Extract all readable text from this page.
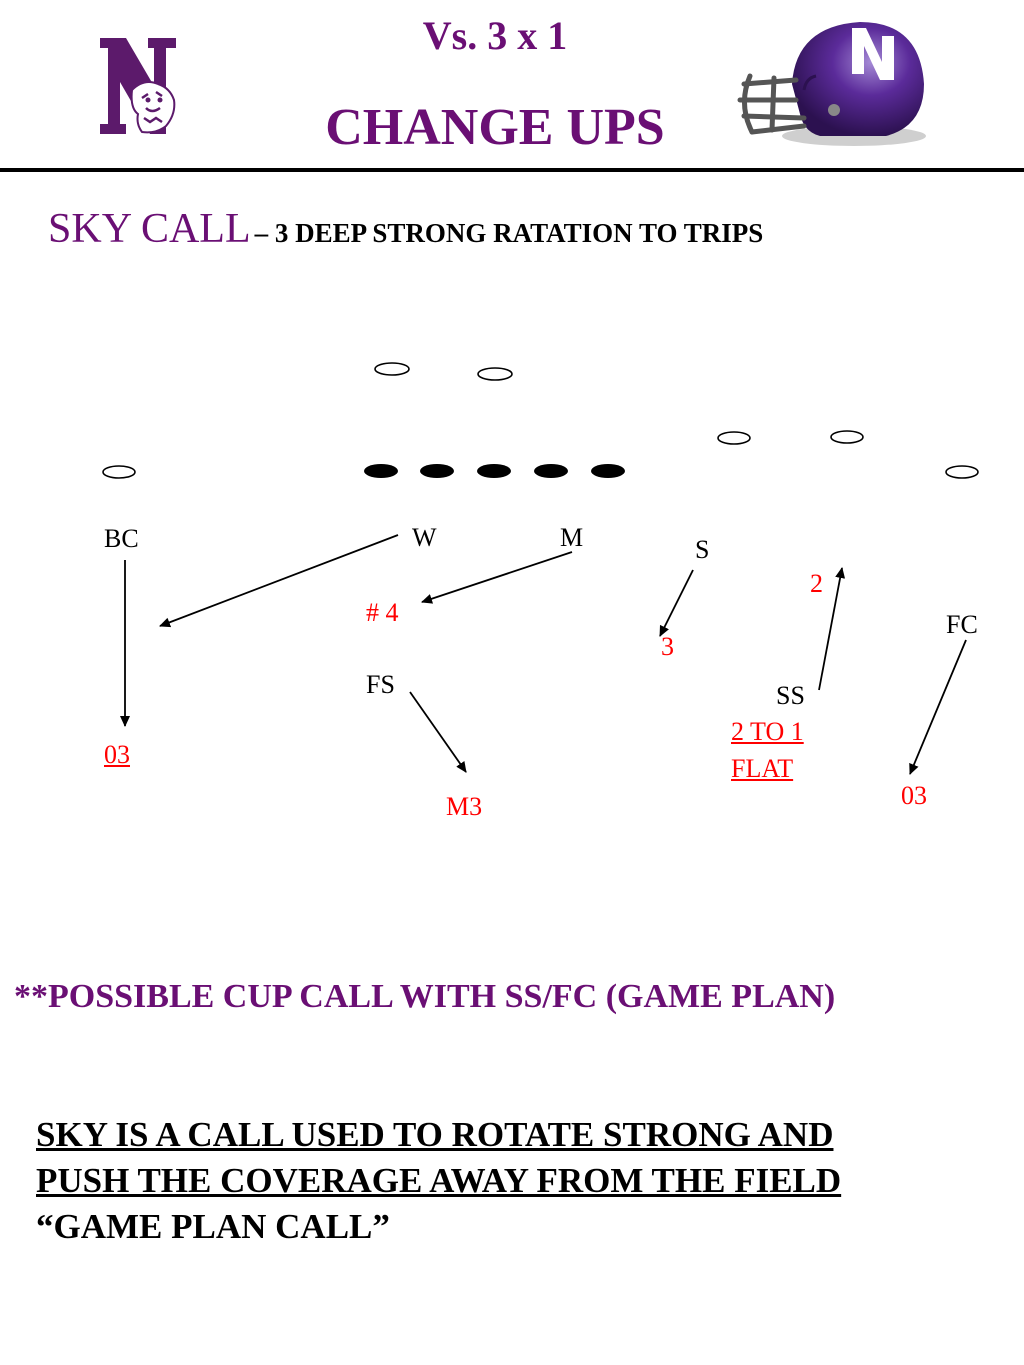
Vs. 3 x 1
CHANGE UPS
SKY CALL – 3 DEEP STRONG RATATION TO TRIPS
BC	W	M	S
FS	SS
FC
03
# 4
3
M3
2
2 TO 1
FLAT
03
**POSSIBLE CUP CALL WITH SS/FC (GAME PLAN)
SKY IS A CALL USED TO ROTATE STRONG AND
PUSH THE COVERAGE AWAY FROM THE FIELD
“GAME PLAN CALL”
